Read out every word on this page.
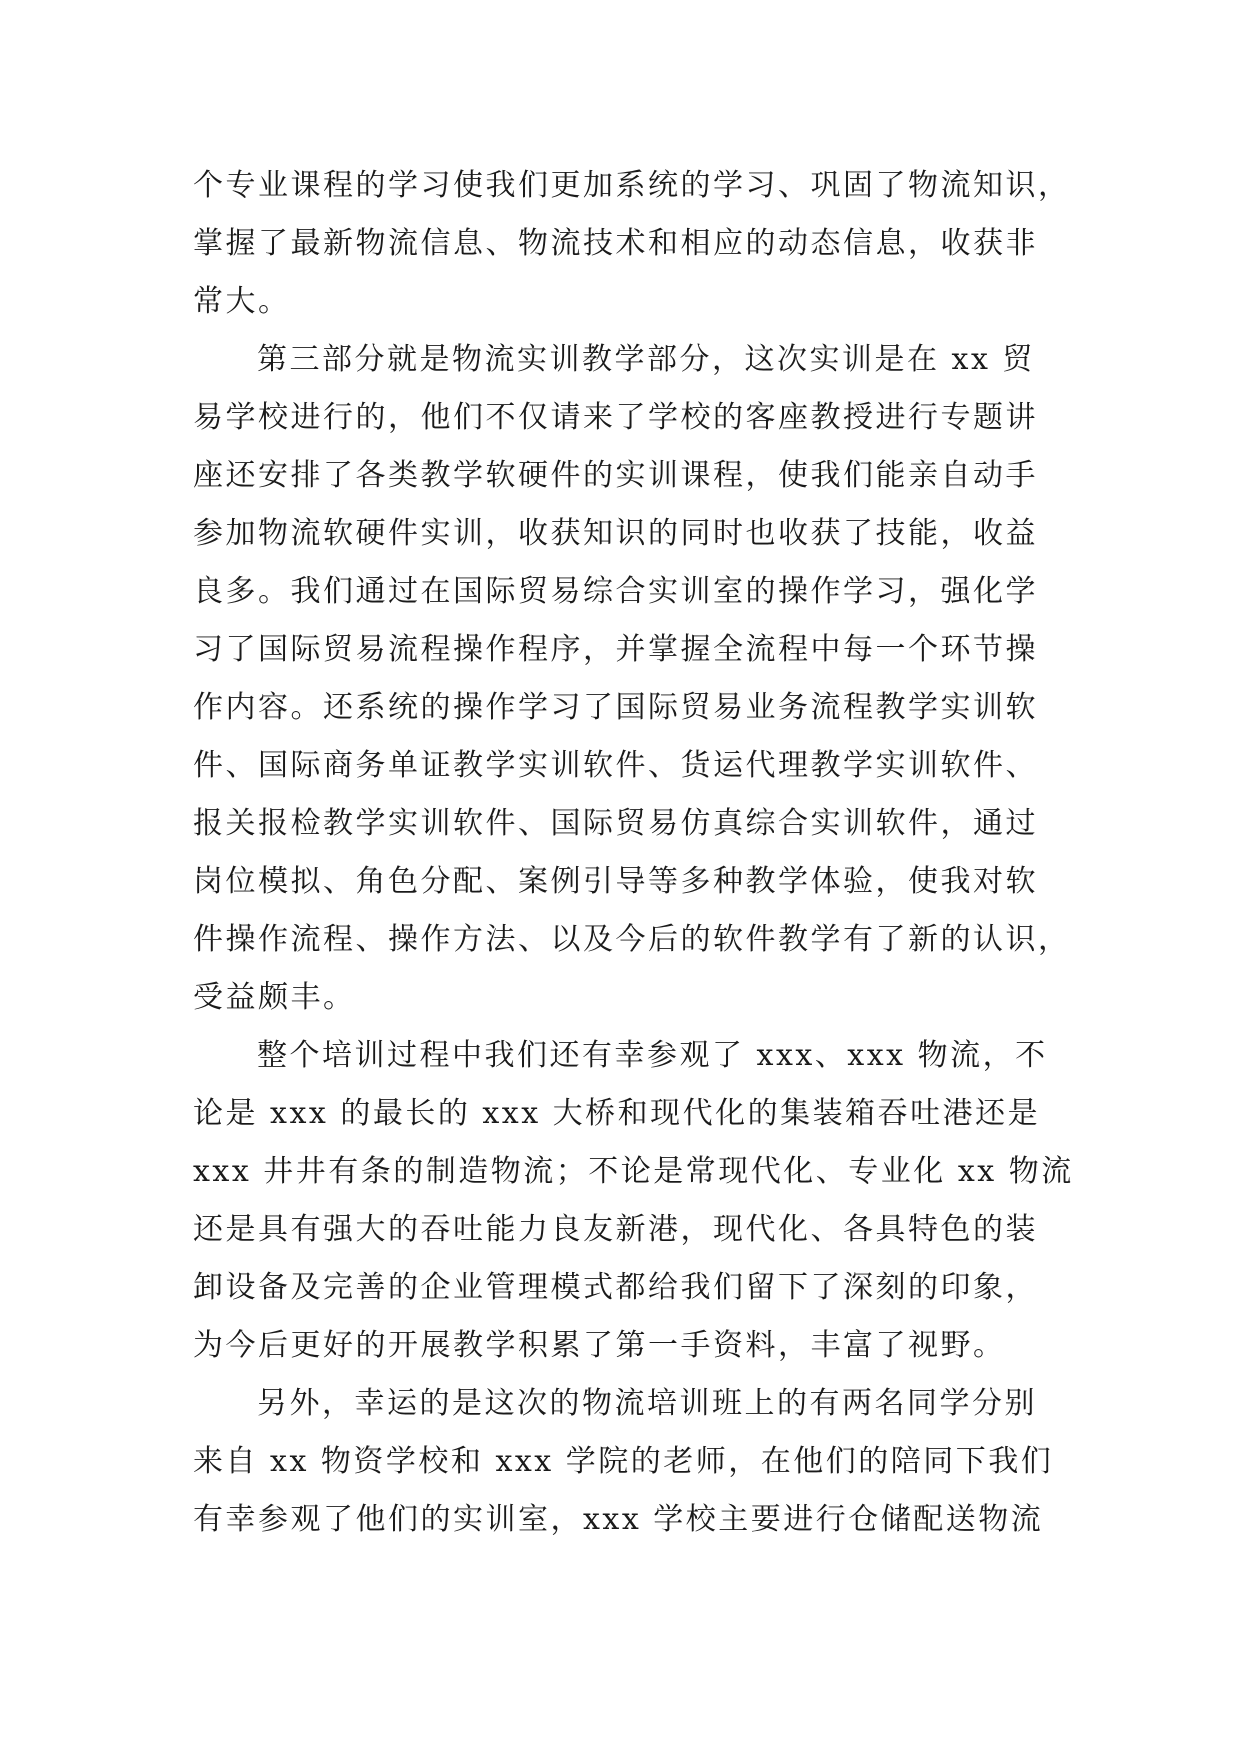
个专业课程的学习使我们更加系统的学习、巩固了物流知识，
掌握了最新物流信息、物流技术和相应的动态信息，收获非
常大。
第三部分就是物流实训教学部分，这次实训是在 xx 贸
易学校进行的，他们不仅请来了学校的客座教授进行专题讲
座还安排了各类教学软硬件的实训课程，使我们能亲自动手
参加物流软硬件实训，收获知识的同时也收获了技能，收益
良多。我们通过在国际贸易综合实训室的操作学习，强化学
习了国际贸易流程操作程序，并掌握全流程中每一个环节操
作内容。还系统的操作学习了国际贸易业务流程教学实训软
件、国际商务单证教学实训软件、货运代理教学实训软件、
报关报检教学实训软件、国际贸易仿真综合实训软件，通过
岗位模拟、角色分配、案例引导等多种教学体验，使我对软
件操作流程、操作方法、以及今后的软件教学有了新的认识，
受益颇丰。
整个培训过程中我们还有幸参观了 xxx、xxx 物流，不
论是 xxx 的最长的 xxx 大桥和现代化的集装箱吞吐港还是
xxx 井井有条的制造物流；不论是常现代化、专业化 xx 物流
还是具有强大的吞吐能力良友新港，现代化、各具特色的装
卸设备及完善的企业管理模式都给我们留下了深刻的印象，
为今后更好的开展教学积累了第一手资料，丰富了视野。
另外，幸运的是这次的物流培训班上的有两名同学分别
来自 xx 物资学校和 xxx 学院的老师，在他们的陪同下我们
有幸参观了他们的实训室，xxx 学校主要进行仓储配送物流
